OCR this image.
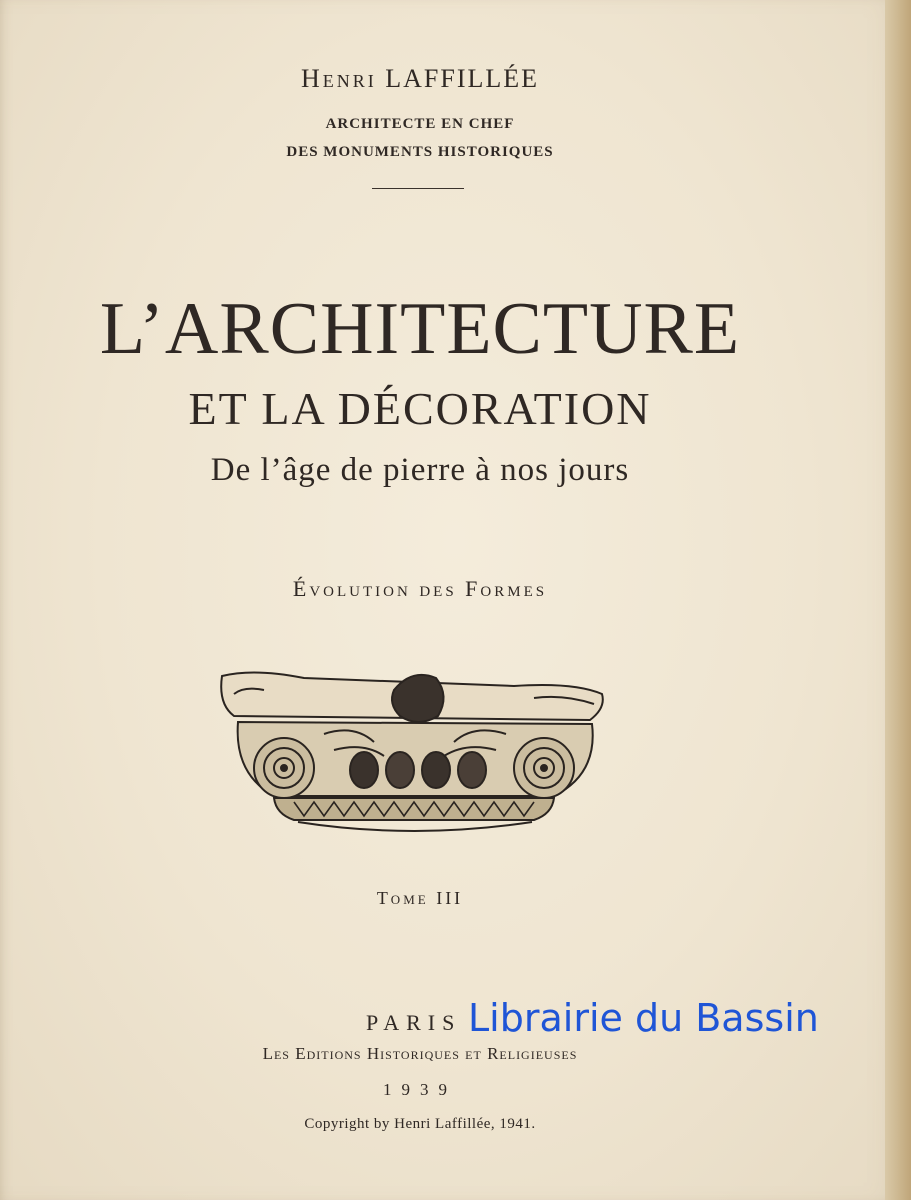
Henri LAFFILLÉE
ARCHITECTE EN CHEF
DES MONUMENTS HISTORIQUES
L’ARCHITECTURE
ET LA DÉCORATION
De l’âge de pierre à nos jours
Évolution des Formes
Tome III
PARIS
Les Editions Historiques et Religieuses
1939
Copyright by Henri Laffillée, 1941.
Librairie du Bassin
